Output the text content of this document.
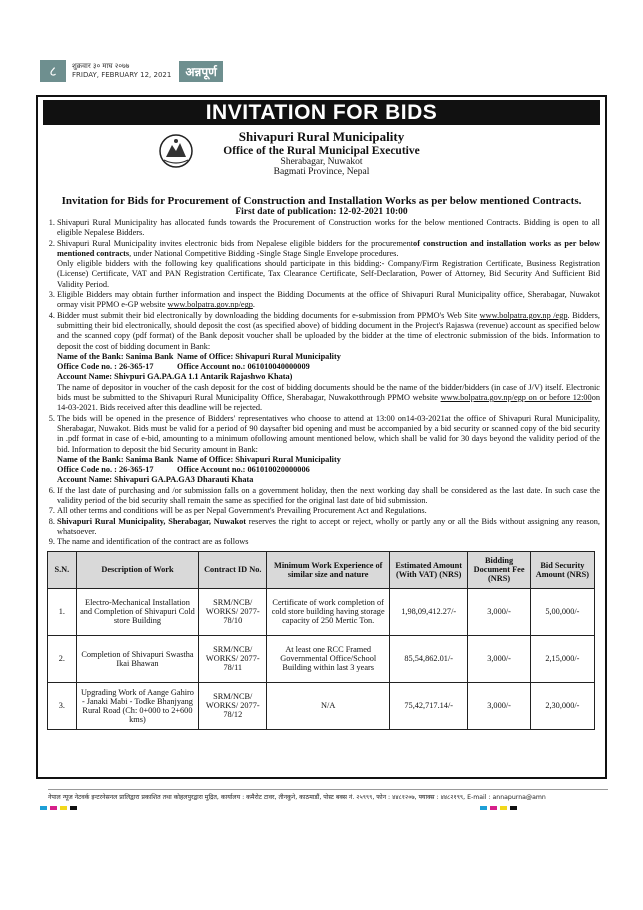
८	शुक्रवार ३० माघ २०७७
FRIDAY, FEBRUARY 12, 2021	अन्नपूर्ण
INVITATION FOR BIDS
Shivapuri Rural Municipality
Office of the Rural Municipal Executive
Sherabagar, Nuwakot
Bagmati Province, Nepal
Invitation for Bids for Procurement of Construction and Installation Works as per below mentioned Contracts.
First date of publication: 12-02-2021 10:00
1. Shivapuri Rural Municipality has allocated funds towards the Procurement of Construction works for the below mentioned Contracts. Bidding is open to all eligible Nepalese Bidders.
2. Shivapuri Rural Municipality invites electronic bids from Nepalese eligible bidders for the procurementof construction and installation works as per below mentioned contracts, under National Competitive Bidding -Single Stage Single Envelope procedures.
Only eligible bidders with the following key qualifications should participate in this bidding:- Company/Firm Registration Certificate, Business Registration (License) Certificate, VAT and PAN Registration Certificate, Tax Clearance Certificate, Self-Declaration, Power of Attorney, Bid Security And Sufficient Bid Validity Period.
3. Eligible Bidders may obtain further information and inspect the Bidding Documents at the office of Shivapuri Rural Municipality office, Sherabagar, Nuwakot ormay visit PPMO e-GP website www.bolpatra.gov.np/egp.
4. Bidder must submit their bid electronically by downloading the bidding documents for e-submission from PPMO's Web Site www.bolpatra.gov.np /egp. Bidders, submitting their bid electronically, should deposit the cost (as specified above) of bidding document in the Project's Rajaswa (revenue) account as specified below and the scanned copy (pdf format) of the Bank deposit voucher shall be uploaded by the bidder at the time of electronic submission of the bids. Information to deposit the cost of bidding document in Bank:
Name of the Bank: Sanima Bank Name of Office: Shivapuri Rural Municipality
Office Code no. : 26-365-17	Office Account no.: 061010040000009
Account Name: Shivpuri GA.PA.GA 1.1 Antarik Rajashwo Khata)
The name of depositor in voucher of the cash deposit for the cost of bidding documents should be the name of the bidder/bidders (in case of J/V) itself. Electronic bids must be submitted to the Shivapuri Rural Municipality Office, Sherabagar, Nuwakotthrough PPMO website www.bolpatra.gov.np/egp on or before 12:00on 14-03-2021. Bids received after this deadline will be rejected.
5. The bids will be opened in the presence of Bidders' representatives who choose to attend at 13:00 on14-03-2021at the office of Shivapuri Rural Municipality, Sherabagar, Nuwakot. Bids must be valid for a period of 90 daysafter bid opening and must be accompanied by a bid security or scanned copy of the bid security in .pdf format in case of e-bid, amounting to a minimum ofollowing amount mentioned below, which shall be valid for 30 days beyond the validity period of the bid. Information to deposit the bid Security amount in Bank:
Name of the Bank: Sanima Bank Name of Office: Shivapuri Rural Municipality
Office Code no. : 26-365-17	Office Account no.: 061010020000006
Account Name: Shivapuri GA.PA.GA3 Dharauti Khata
6. If the last date of purchasing and /or submission falls on a government holiday, then the next working day shall be considered as the last date. In such case the validity period of the bid security shall remain the same as specified for the original last date of bid submission.
7. All other terms and conditions will be as per Nepal Government's Prevailing Procurement Act and Regulations.
8. Shivapuri Rural Municipality, Sherabagar, Nuwakot reserves the right to accept or reject, wholly or partly any or all the Bids without assigning any reason, whatsoever.
9. The name and identification of the contract are as follows
S.N.	Description of Work	Contract ID No.	Minimum Work Experience of similar size and nature	Estimated Amount (With VAT) (NRS)	Bidding Document Fee (NRS)	Bid Security Amount (NRS)
1.	Electro-Mechanical Installation and Completion of Shivapuri Cold store Building	SRM/NCB/ WORKS/ 2077-78/10	Certificate of work completion of cold store building having storage capacity of 250 Mertic Ton.	1,98,09,412.27/-	3,000/-	5,00,000/-
2.	Completion of Shivapuri Swastha Ikai Bhawan	SRM/NCB/ WORKS/ 2077-78/11	At least one RCC Framed Governmental Office/School Building within last 3 years	85,54,862.01/-	3,000/-	2,15,000/-
3.	Upgrading Work of Aange Gahiro - Janaki Mabi - Todke Bhanjyang Rural Road (Ch: 0+000 to 2+600 kms)	SRM/NCB/ WORKS/ 2077-78/12	N/A	75,42,717.14/-	3,000/-	2,30,000/-
नेपाल न्यूज नेटवर्क इन्टरनेसनल प्रालिद्वारा प्रकाशित तथा कोहलपुरद्वारा मुद्रित, कार्यालय : कमैरोट टावर, तीनकुने, काठमाडौं, पोस्ट बक्स नं. २५९९९, फोन : ४४८१२०७, फ्याक्स : ४४८२१९९, E-mail : annapurna@amn
